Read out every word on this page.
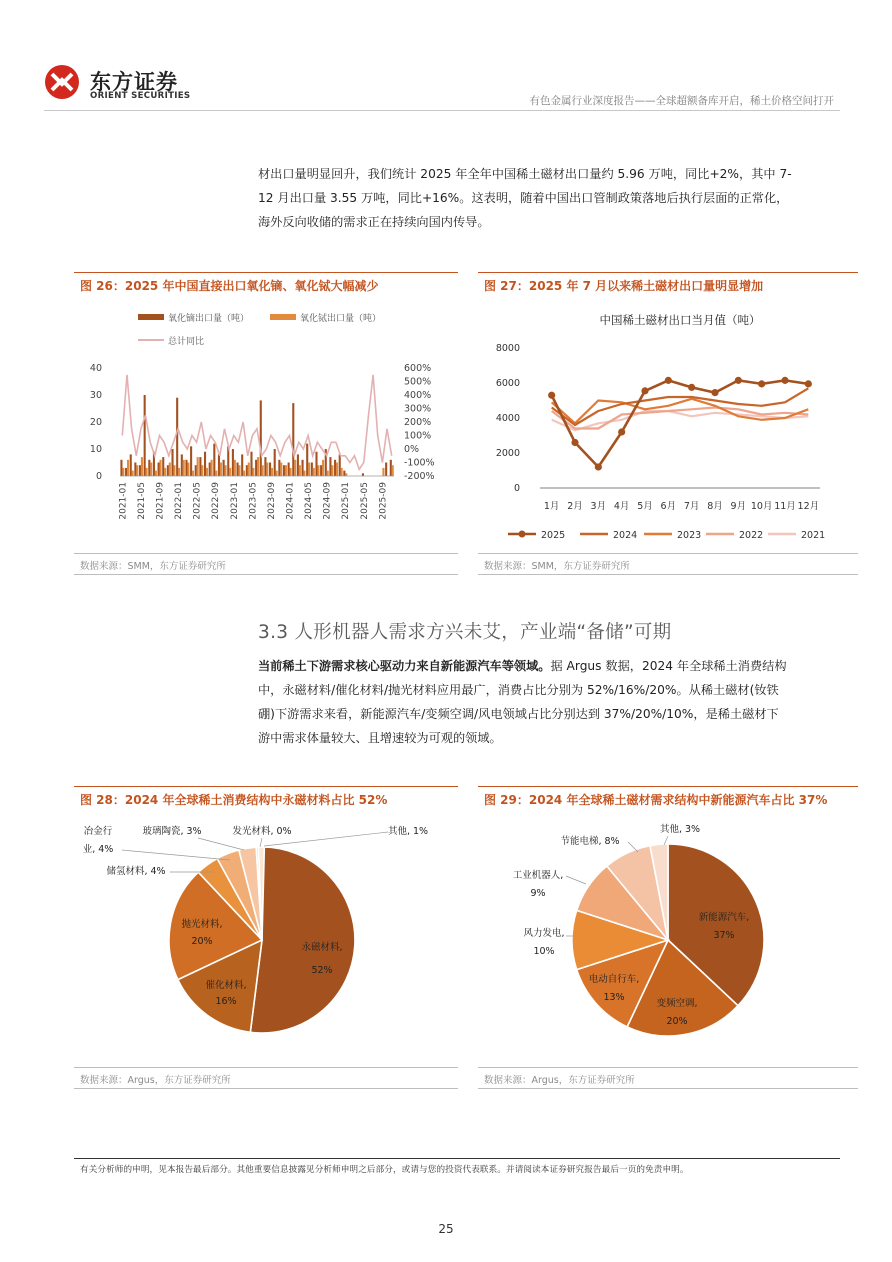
东方证券
ORIENT SECURITIES	有色金属行业深度报告——全球超额备库开启，稀土价格空间打开
材出口量明显回升，我们统计 2025 年全年中国稀土磁材出口量约 5.96 万吨，同比+2%，其中 7-
12 月出口量 3.55 万吨，同比+16%。这表明，随着中国出口管制政策落地后执行层面的正常化，
海外反向收储的需求正在持续向国内传导。
图 26：2025 年中国直接出口氧化镝、氧化铽大幅减少
氧化镝出口量（吨）	氧化铽出口量（吨）
总计同比
0
10
20
30
40
-200%
-100%
0%
100%
200%
300%
400%
500%
600%
2021-01 2021-05 2021-09 2022-01 2022-05 2022-09 2023-01 2023-05 2023-09 2024-01 2024-05 2024-09 2025-01 2025-05 2025-09
数据来源：SMM，东方证券研究所
图 27：2025 年 7 月以来稀土磁材出口量明显增加
中国稀土磁材出口当月值（吨）
0
2000
4000
6000
8000
1月 2月 3月 4月 5月 6月 7月 8月 9月 10月 11月 12月
2025	2024	2023	2022	2021
数据来源：SMM，东方证券研究所
3.3 人形机器人需求方兴未艾，产业端“备储”可期
当前稀土下游需求核心驱动力来自新能源汽车等领域。据 Argus 数据，2024 年全球稀土消费结构
中，永磁材料/催化材料/抛光材料应用最广，消费占比分别为 52%/16%/20%。从稀土磁材(钕铁
硼)下游需求来看，新能源汽车/变频空调/风电领域占比分别达到 37%/20%/10%，是稀土磁材下
游中需求体量较大、且增速较为可观的领域。
图 28：2024 年全球稀土消费结构中永磁材料占比 52%
永磁材料,
52%
催化材料,
16%
抛光材料,
20%
储氢材料, 4%
冶金行
业, 4%
玻璃陶瓷, 3%	发光材料, 0%	其他, 1%
数据来源：Argus，东方证券研究所
图 29：2024 年全球稀土磁材需求结构中新能源汽车占比 37%
新能源汽车,
37%
变频空调,
20%
电动自行车,
13%
风力发电,
10%
工业机器人,
9%
节能电梯, 8%
其他, 3%
数据来源：Argus，东方证券研究所
有关分析师的申明，见本报告最后部分。其他重要信息披露见分析师申明之后部分，或请与您的投资代表联系。并请阅读本证券研究报告最后一页的免责申明。
25
